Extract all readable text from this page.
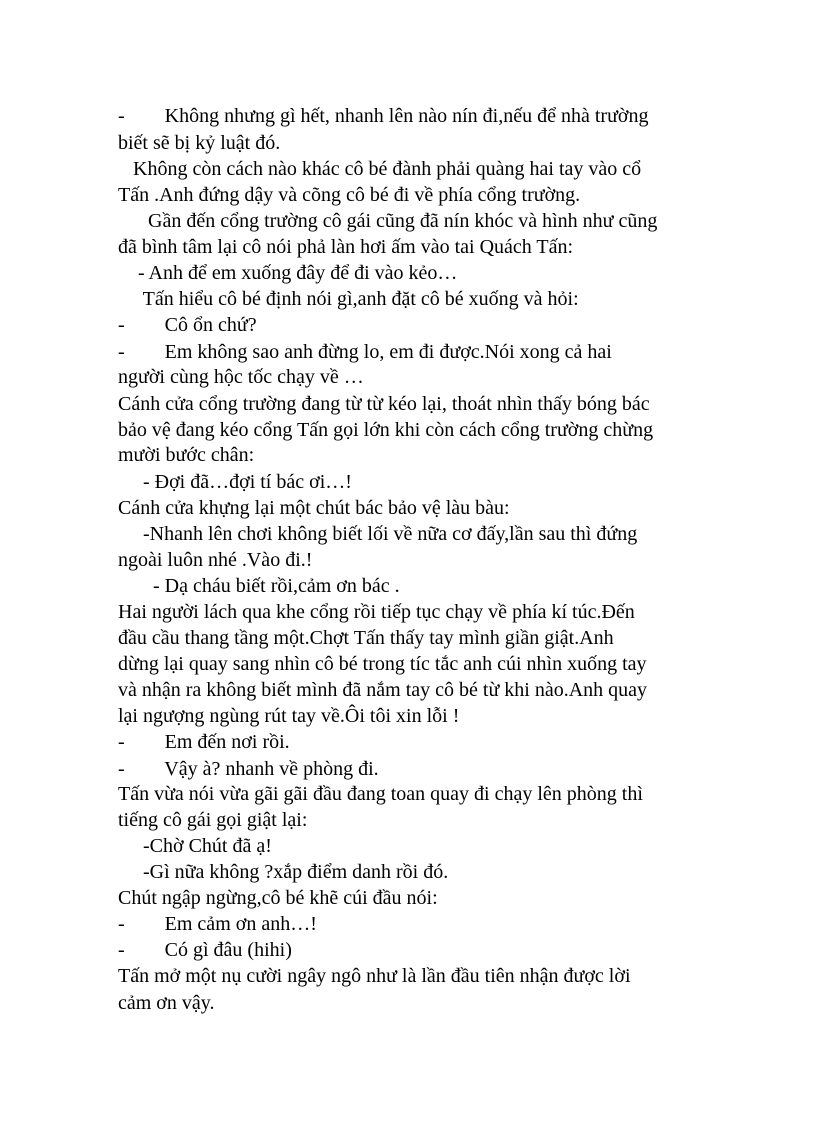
-        Không nhưng gì hết, nhanh lên nào nín đi,nếu để nhà trường
biết sẽ bị kỷ luật đó.
Không còn cách nào khác cô bé đành phải quàng hai tay vào cổ
Tấn .Anh đứng dậy và cõng cô bé đi về phía cổng trường.
Gần đến cổng trường cô gái cũng đã nín khóc và hình như cũng
đã bình tâm lại cô nói phả làn hơi ấm vào tai Quách Tấn:
- Anh để em xuống đây để đi vào kẻo…
Tấn hiểu cô bé định nói gì,anh đặt cô bé xuống và hỏi:
-        Cô ổn chứ?
-        Em không sao anh đừng lo, em đi được.Nói xong cả hai
người cùng hộc tốc chạy về …
Cánh cửa cổng trường đang từ từ kéo lại, thoát nhìn thấy bóng bác
bảo vệ đang kéo cổng Tấn gọi lớn khi còn cách cổng trường chừng
mười bước chân:
- Đợi đã…đợi tí bác ơi…!
Cánh cửa khựng lại một chút bác bảo vệ làu bàu:
-Nhanh lên chơi không biết lối về nữa cơ đấy,lần sau thì đứng
ngoài luôn nhé .Vào đi.!
- Dạ cháu biết rồi,cảm ơn bác .
Hai người lách qua khe cổng rồi tiếp tục chạy về phía kí túc.Đến
đầu cầu thang tầng một.Chợt Tấn thấy tay mình giần giật.Anh
dừng lại quay sang nhìn cô bé trong tíc tắc anh cúi nhìn xuống tay
và nhận ra không biết mình đã nắm tay cô bé từ khi nào.Anh quay
lại ngượng ngùng rút tay về.Ôi tôi xin lỗi !
-        Em đến nơi rồi.
-        Vậy à? nhanh về phòng đi.
Tấn vừa nói vừa gãi gãi đầu đang toan quay đi chạy lên phòng thì
tiếng cô gái gọi giật lại:
-Chờ Chút đã ạ!
-Gì nữa không ?xắp điểm danh rồi đó.
Chút ngập ngừng,cô bé khẽ cúi đầu nói:
-        Em cảm ơn anh…!
-        Có gì đâu (hihi)
Tấn mở một nụ cười ngây ngô như là lần đầu tiên nhận được lời
cảm ơn vậy.
